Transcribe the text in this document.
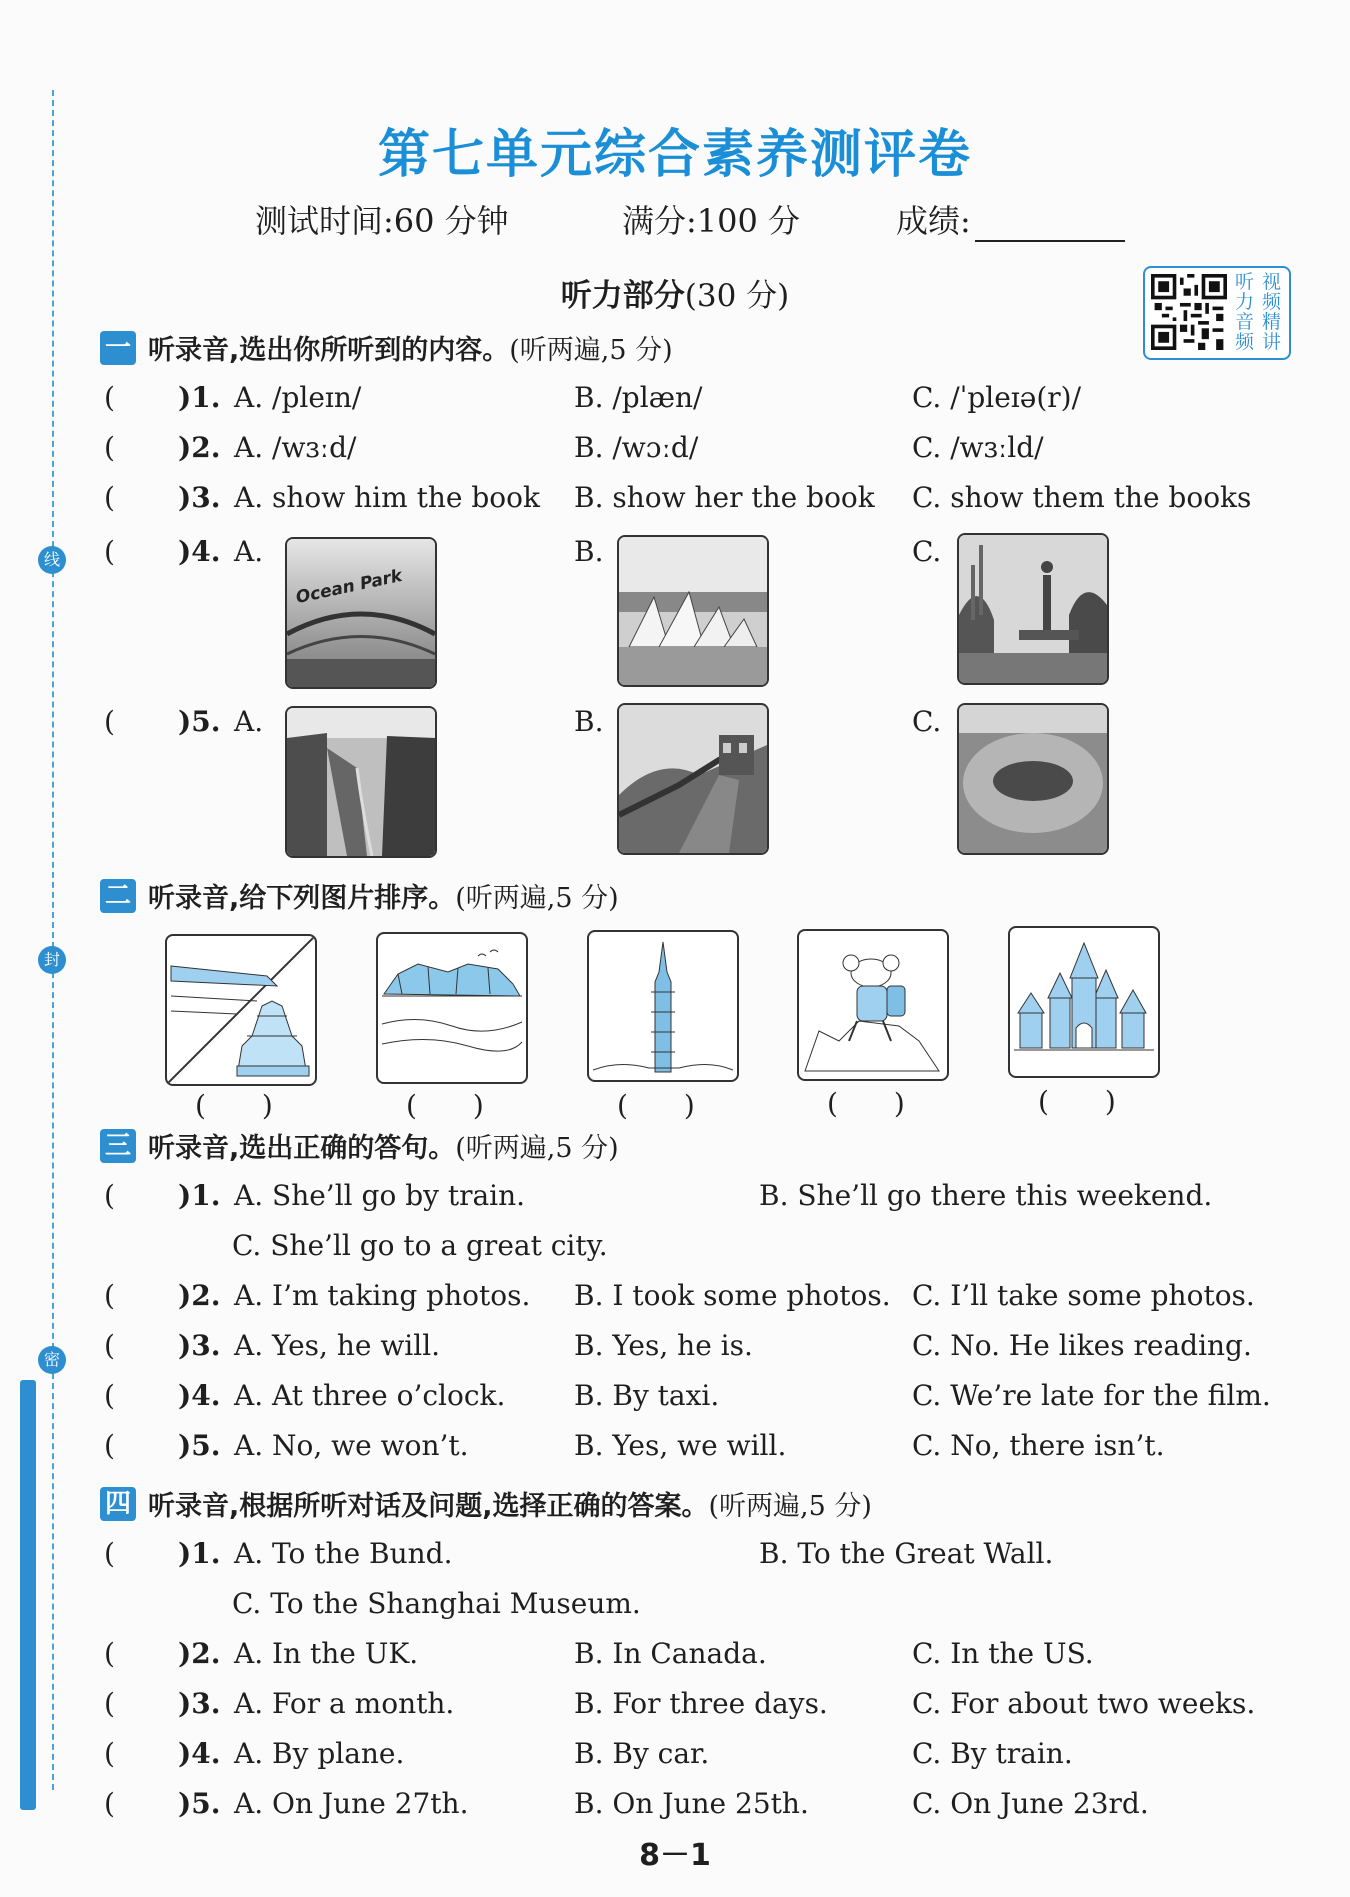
线
封
密
第七单元综合素养测评卷
测试时间:60 分钟	满分:100 分	成绩:
听力部分(30 分)	听 视
力 频
音 精
频 讲
一 听录音,选出你所听到的内容。 (听两遍,5 分)
( )1. A. /pleɪn/	B. /plæn/	C. /ˈpleɪə(r)/
( )2. A. /wɜːd/	B. /wɔːd/	C. /wɜːld/
( )3. A. show him the book B. show her the book C. show them the books
( )4. A.	B.	C.
( )5. A.	B.	C.
Ocean Park
二 听录音,给下列图片排序。 (听两遍,5 分)
(　　)	(　　)	(　　)	(　　)	(　　)
三 听录音,选出正确的答句。 (听两遍,5 分)
( )1. A. She’ll go by train.	B. She’ll go there this weekend.
C. She’ll go to a great city.
( )2. A. I’m taking photos. B. I took some photos. C. I’ll take some photos.
( )3. A. Yes, he will.	B. Yes, he is.	C. No. He likes reading.
( )4. A. At three o’clock. B. By taxi.	C. We’re late for the film.
( )5. A. No, we won’t.	B. Yes, we will.	C. No, there isn’t.
四 听录音,根据所听对话及问题,选择正确的答案。 (听两遍,5 分)
( )1. A. To the Bund.	B. To the Great Wall.
C. To the Shanghai Museum.
( )2. A. In the UK.	B. In Canada.	C. In the US.
( )3. A. For a month.	B. For three days.	C. For about two weeks.
( )4. A. By plane.	B. By car.	C. By train.
( )5. A. On June 27th.	B. On June 25th.	C. On June 23rd.
8－1
